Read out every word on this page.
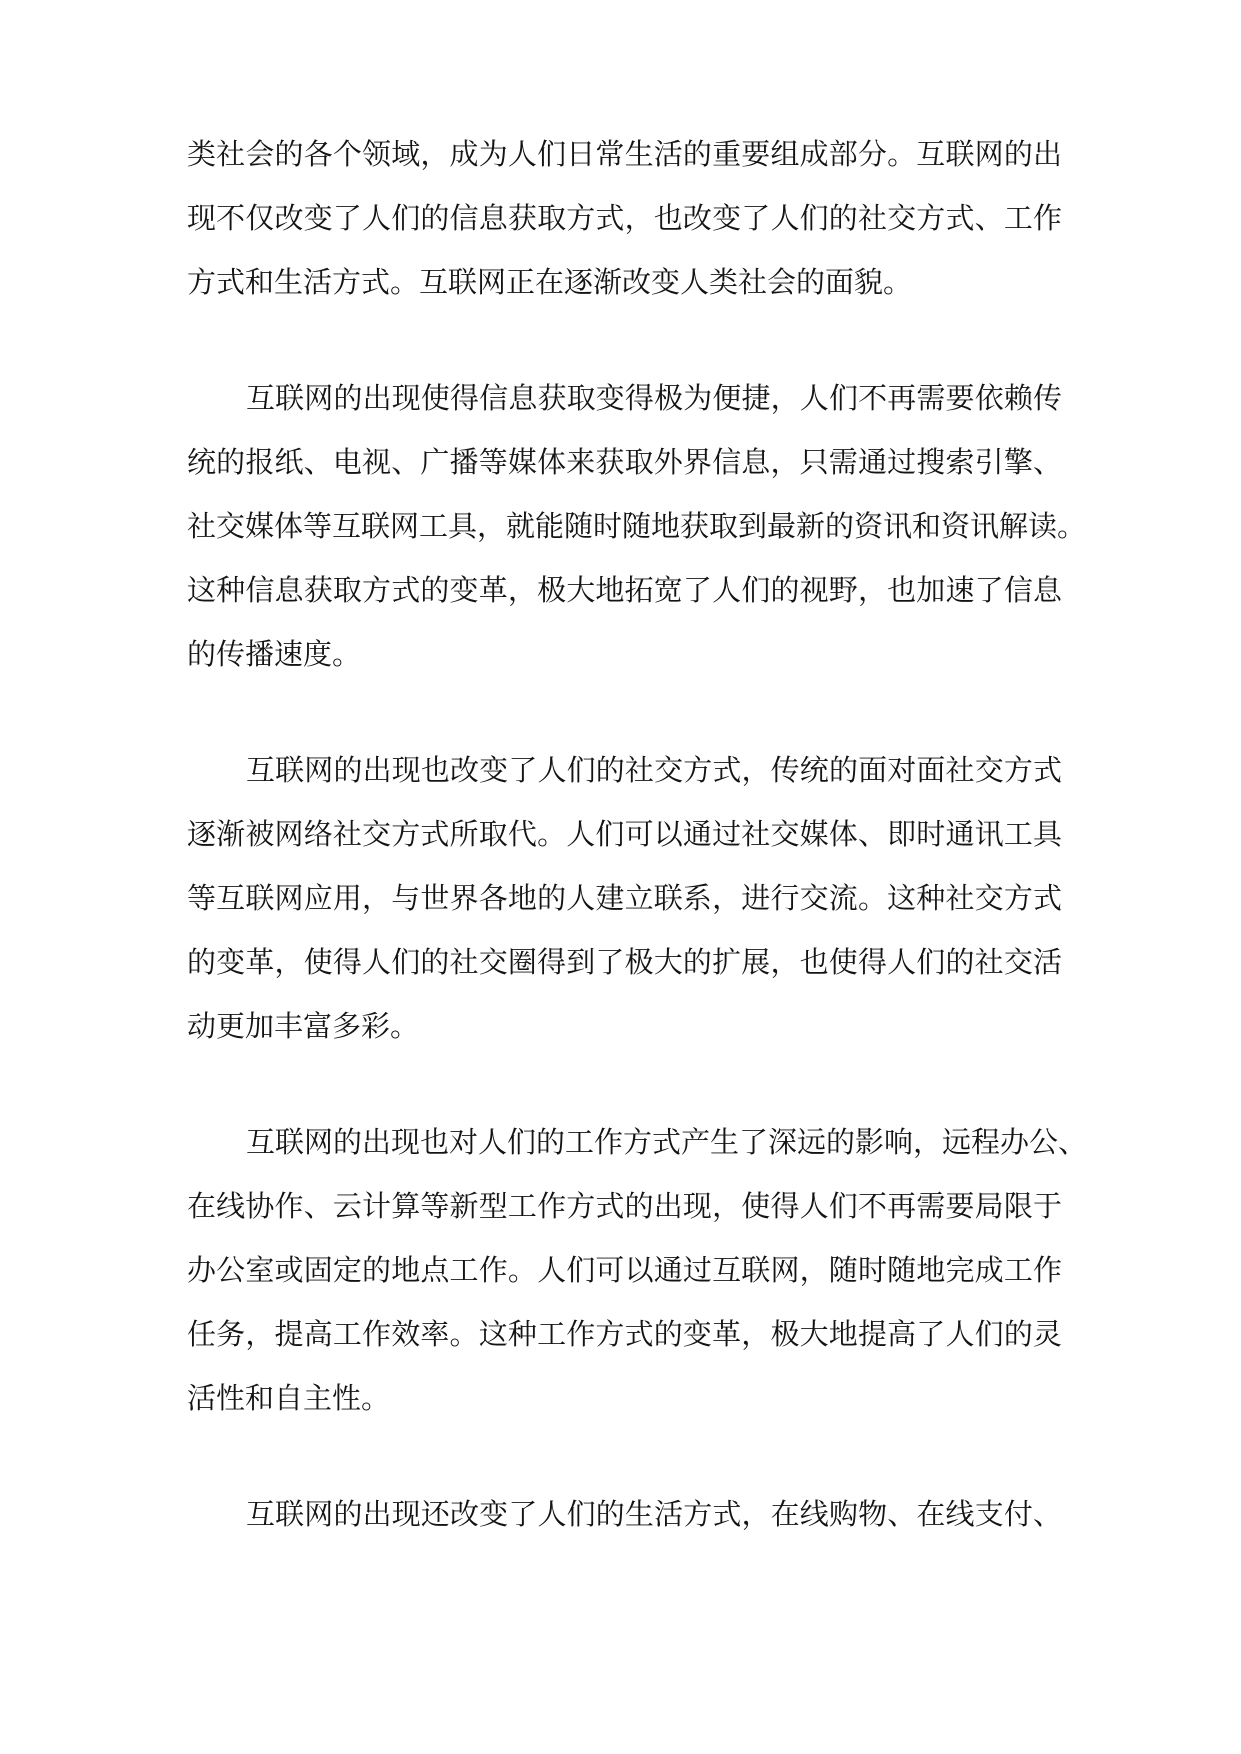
类社会的各个领域，成为人们日常生活的重要组成部分。互联网的出

现不仅改变了人们的信息获取方式，也改变了人们的社交方式、工作

方式和生活方式。互联网正在逐渐改变人类社会的面貌。

互联网的出现使得信息获取变得极为便捷，人们不再需要依赖传

统的报纸、电视、广播等媒体来获取外界信息，只需通过搜索引擎、

社交媒体等互联网工具，就能随时随地获取到最新的资讯和资讯解读。

这种信息获取方式的变革，极大地拓宽了人们的视野，也加速了信息

的传播速度。

互联网的出现也改变了人们的社交方式，传统的面对面社交方式

逐渐被网络社交方式所取代。人们可以通过社交媒体、即时通讯工具

等互联网应用，与世界各地的人建立联系，进行交流。这种社交方式

的变革，使得人们的社交圈得到了极大的扩展，也使得人们的社交活

动更加丰富多彩。

互联网的出现也对人们的工作方式产生了深远的影响，远程办公、

在线协作、云计算等新型工作方式的出现，使得人们不再需要局限于

办公室或固定的地点工作。人们可以通过互联网，随时随地完成工作

任务，提高工作效率。这种工作方式的变革，极大地提高了人们的灵

活性和自主性。

互联网的出现还改变了人们的生活方式，在线购物、在线支付、
